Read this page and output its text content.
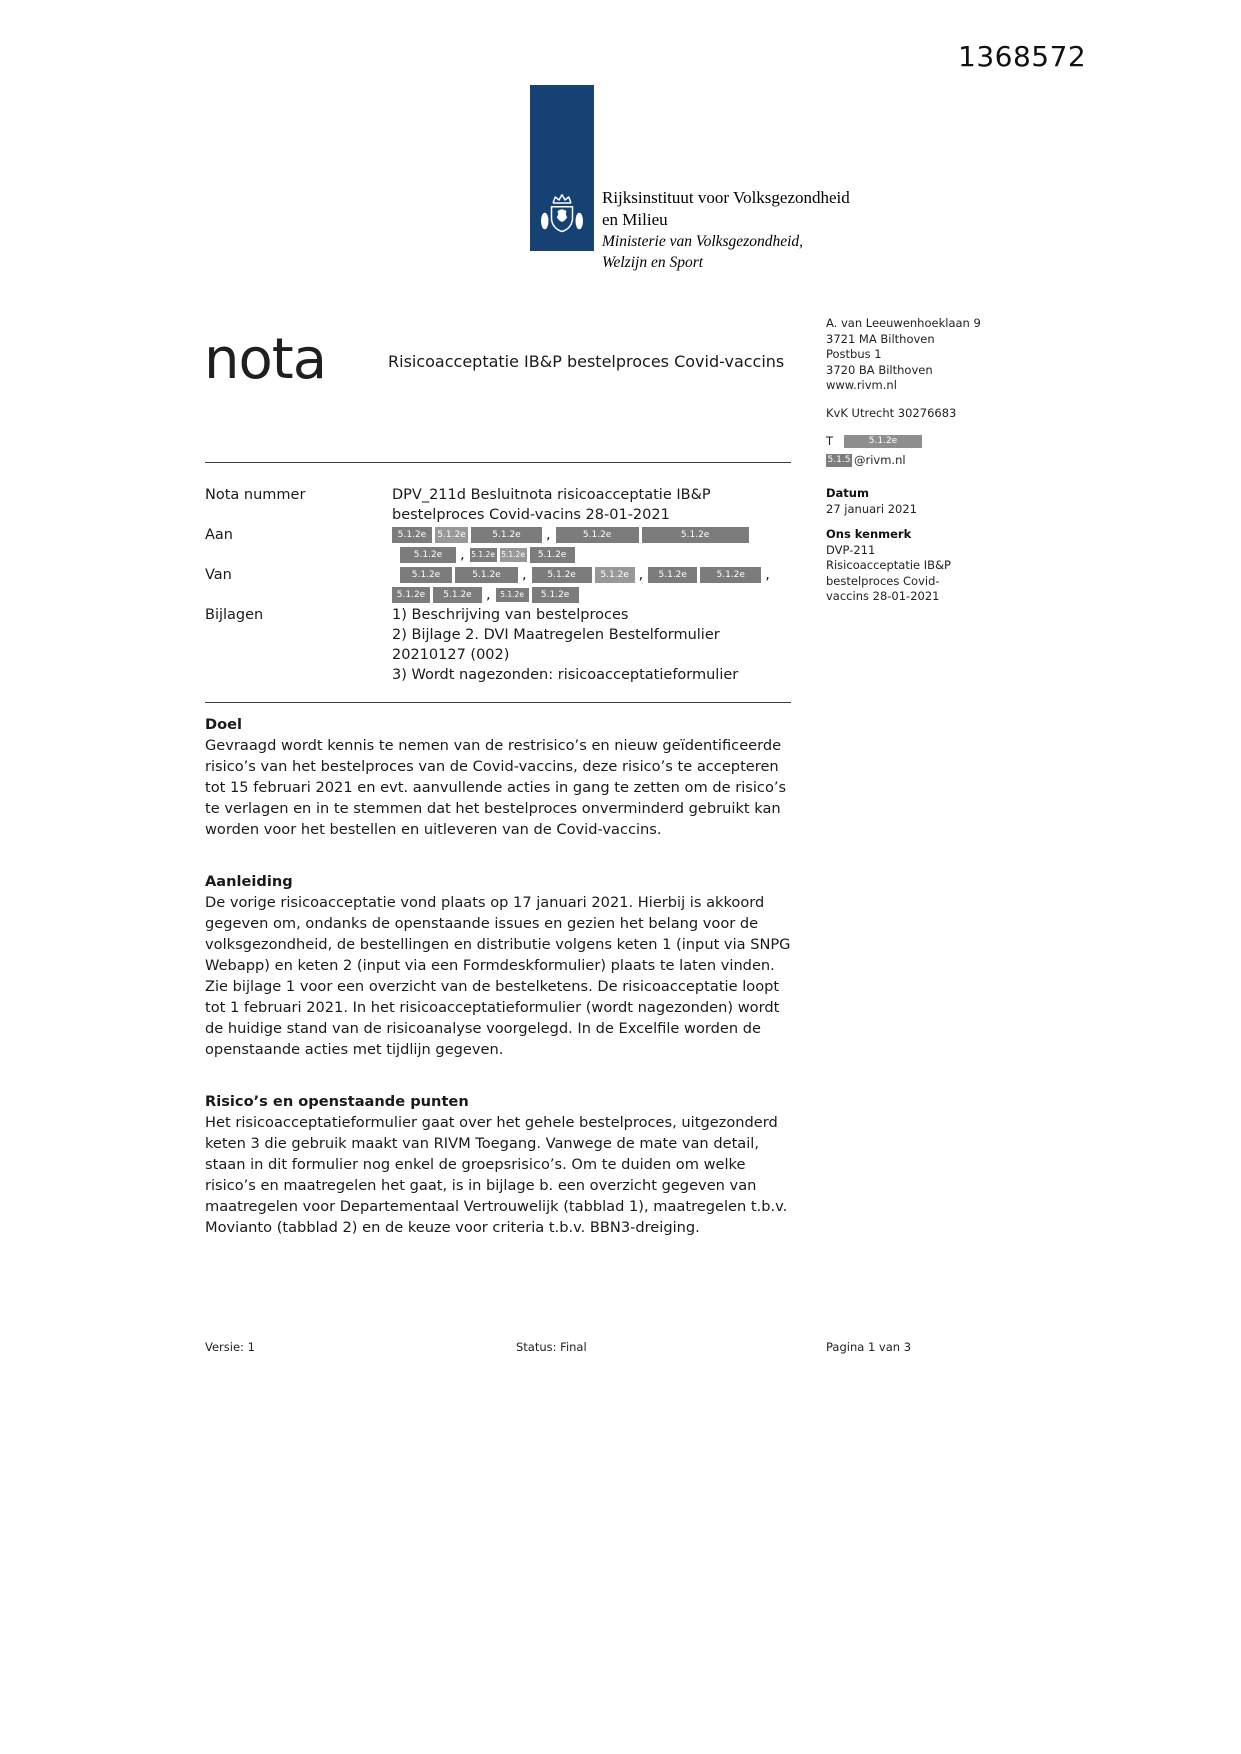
1368572
Rijksinstituut voor Volksgezondheid
en Milieu
Ministerie van Volksgezondheid,
Welzijn en Sport
nota	Risicoacceptatie IB&P bestelproces Covid-vaccins
A. van Leeuwenhoeklaan 9
3721 MA Bilthoven
Postbus 1
3720 BA Bilthoven
www.rivm.nl
KvK Utrecht 30276683
T	5.1.2e
5.1.5 @rivm.nl
Datum
27 januari 2021
Ons kenmerk
DVP-211 Risicoacceptatie IB&P bestelproces Covid-vaccins 28-01-2021
Nota nummer	DPV_211d Besluitnota risicoacceptatie IB&P bestelproces Covid-vacins 28-01-2021
Aan	5.1.2e	5.1.2e	5.1.2e	,	5.1.2e	5.1.2e
5.1.2e	, 5.1.2e 5.1.2e	5.1.2e
Van	5.1.2e	5.1.2e	,	5.1.2e	5.1.2e ,	5.1.2e	5.1.2e	,
5.1.2e	5.1.2e ,	5.1.2e	5.1.2e
Bijlagen	1) Beschrijving van bestelproces
2) Bijlage 2. DVI Maatregelen Bestelformulier 20210127 (002)
3) Wordt nagezonden: risicoacceptatieformulier
Doel

Gevraagd wordt kennis te nemen van de restrisico’s en nieuw geïdentificeerde risico’s van het bestelproces van de Covid-vaccins, deze risico’s te accepteren tot 15 februari 2021 en evt. aanvullende acties in gang te zetten om de risico’s te verlagen en in te stemmen dat het bestelproces onverminderd gebruikt kan worden voor het bestellen en uitleveren van de Covid-vaccins.

Aanleiding

De vorige risicoacceptatie vond plaats op 17 januari 2021. Hierbij is akkoord gegeven om, ondanks de openstaande issues en gezien het belang voor de volksgezondheid, de bestellingen en distributie volgens keten 1 (input via SNPG Webapp) en keten 2 (input via een Formdeskformulier) plaats te laten vinden. Zie bijlage 1 voor een overzicht van de bestelketens. De risicoacceptatie loopt tot 1 februari 2021. In het risicoacceptatieformulier (wordt nagezonden) wordt de huidige stand van de risicoanalyse voorgelegd. In de Excelfile worden de openstaande acties met tijdlijn gegeven.

Risico’s en openstaande punten

Het risicoacceptatieformulier gaat over het gehele bestelproces, uitgezonderd keten 3 die gebruik maakt van RIVM Toegang. Vanwege de mate van detail, staan in dit formulier nog enkel de groepsrisico’s. Om te duiden om welke risico’s en maatregelen het gaat, is in bijlage b. een overzicht gegeven van maatregelen voor Departementaal Vertrouwelijk (tabblad 1), maatregelen t.b.v. Movianto (tabblad 2) en de keuze voor criteria t.b.v. BBN3-dreiging.

Versie: 1	Status: Final	Pagina 1 van 3
